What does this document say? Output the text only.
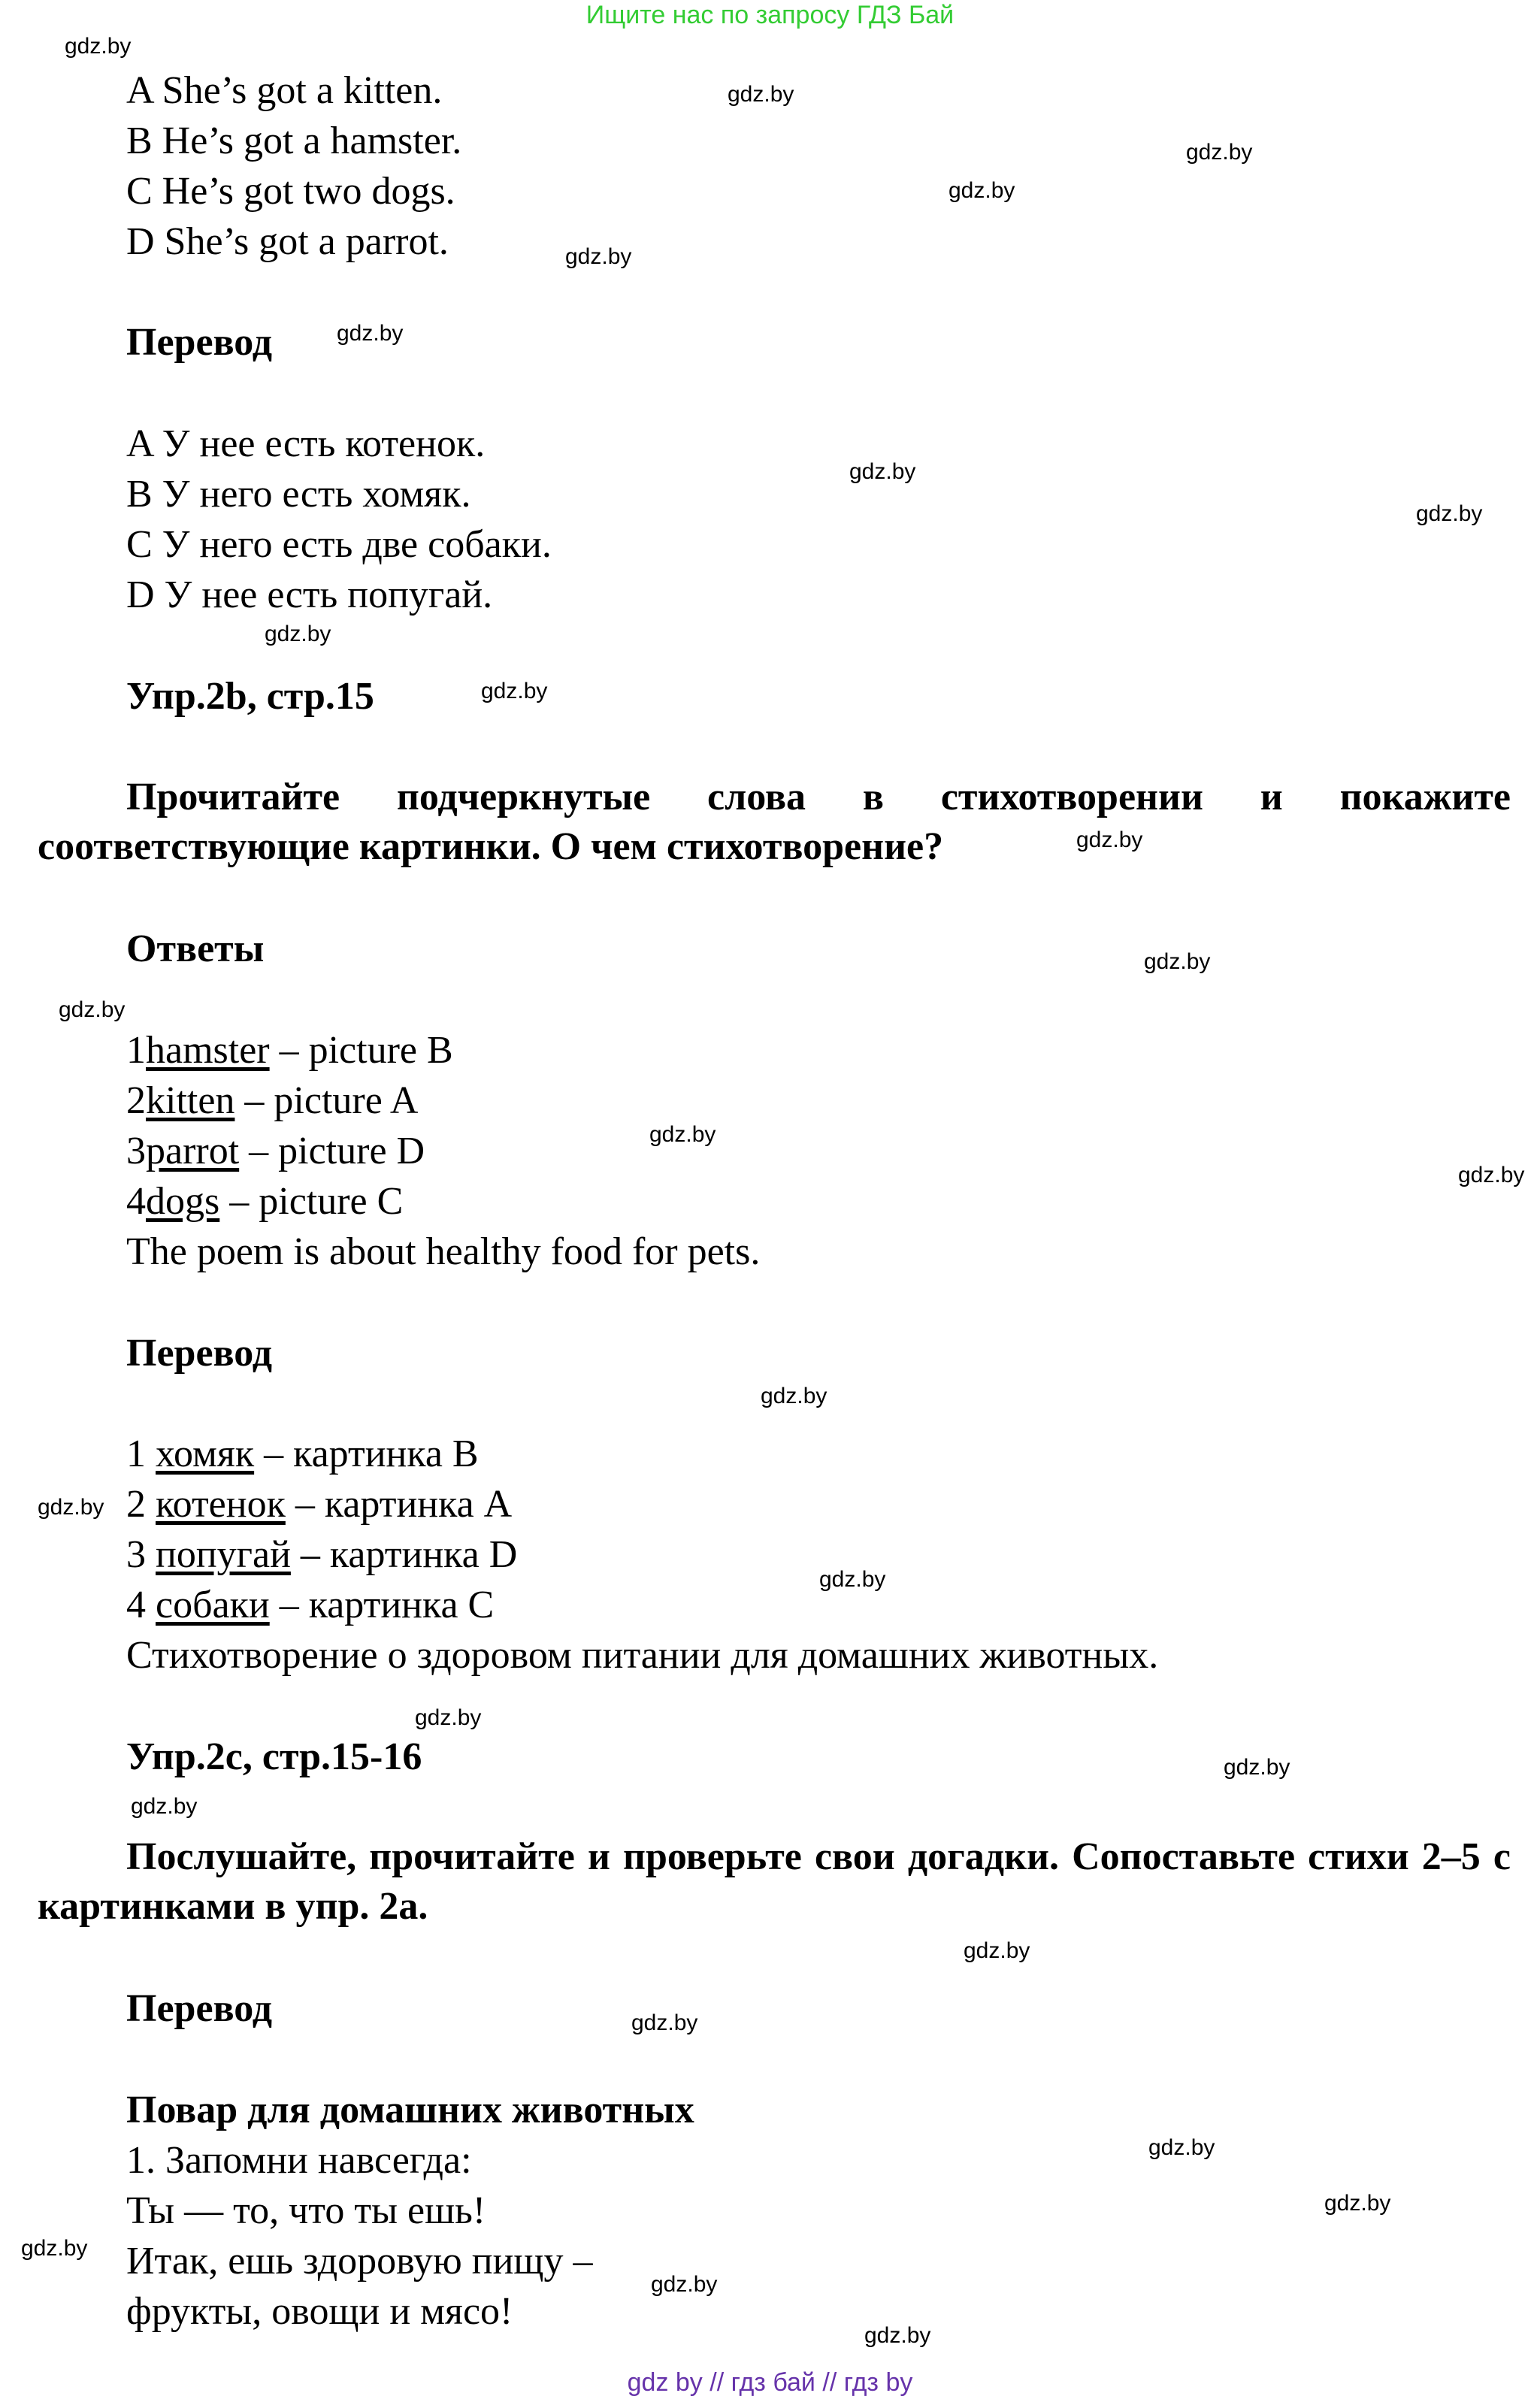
Ищите нас по запросу ГДЗ Бай
A She’s got a kitten.
B He’s got a hamster.
C He’s got two dogs.
D She’s got a parrot.
Перевод
A У нее есть котенок.
B У него есть хомяк.
C У него есть две собаки.
D У нее есть попугай.
Упр.2b, стр.15
Прочитайте подчеркнутые слова в стихотворении и покажите соответствующие картинки. О чем стихотворение?
Ответы
1hamster – picture B
2kitten – picture A
3parrot – picture D
4dogs – picture C
The poem is about healthy food for pets.
Перевод
1 хомяк – картинка В
2 котенок – картинка А
3 попугай – картинка D
4 собаки – картинка С
Стихотворение о здоровом питании для домашних животных.
Упр.2c, стр.15-16
Послушайте, прочитайте и проверьте свои догадки. Сопоставьте стихи 2–5 с картинками в упр. 2а.
Перевод
Повар для домашних животных
1. Запомни навсегда:
Ты — то, что ты ешь!
Итак, ешь здоровую пищу –
фрукты, овощи и мясо!
gdz.by
gdz.by
gdz.by
gdz.by
gdz.by
gdz.by
gdz.by
gdz.by
gdz.by
gdz.by
gdz.by
gdz.by
gdz.by
gdz.by
gdz.by
gdz.by
gdz.by
gdz.by
gdz.by
gdz.by
gdz.by
gdz.by
gdz.by
gdz.by
gdz.by
gdz.by
gdz.by
gdz.by
gdz by // гдз бай // гдз by
